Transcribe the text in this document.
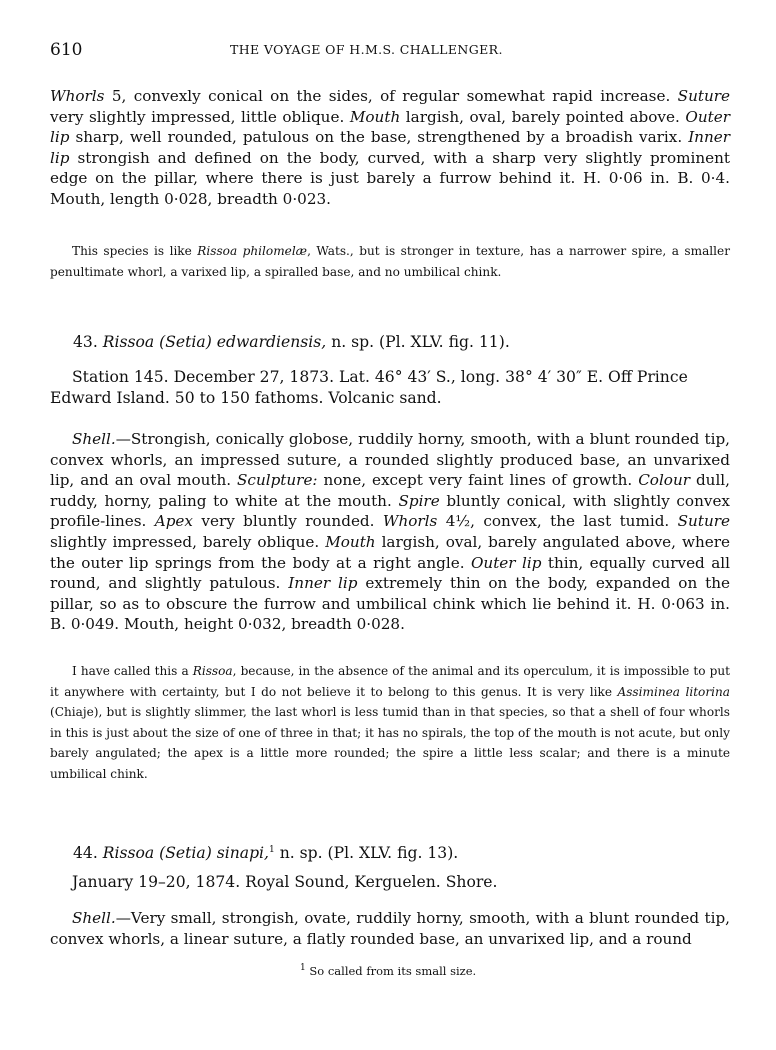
610	THE VOYAGE OF H.M.S. CHALLENGER.

Whorls 5, convexly conical on the sides, of regular somewhat rapid increase. Suture very slightly impressed, little oblique. Mouth largish, oval, barely pointed above. Outer lip sharp, well rounded, patulous on the base, strengthened by a broadish varix. Inner lip strongish and defined on the body, curved, with a sharp very slightly prominent edge on the pillar, where there is just barely a furrow behind it. H. 0·06 in. B. 0·4. Mouth, length 0·028, breadth 0·023.

This species is like Rissoa philomelæ, Wats., but is stronger in texture, has a narrower spire, a smaller penultimate whorl, a varixed lip, a spiralled base, and no umbilical chink.

43. Rissoa (Setia) edwardiensis, n. sp. (Pl. XLV. fig. 11).

Station 145. December 27, 1873. Lat. 46° 43′ S., long. 38° 4′ 30″ E. Off Prince Edward Island. 50 to 150 fathoms. Volcanic sand.

Shell.—Strongish, conically globose, ruddily horny, smooth, with a blunt rounded tip, convex whorls, an impressed suture, a rounded slightly produced base, an unvarixed lip, and an oval mouth. Sculpture: none, except very faint lines of growth. Colour dull, ruddy, horny, paling to white at the mouth. Spire bluntly conical, with slightly convex profile-lines. Apex very bluntly rounded. Whorls 4½, convex, the last tumid. Suture slightly impressed, barely oblique. Mouth largish, oval, barely angulated above, where the outer lip springs from the body at a right angle. Outer lip thin, equally curved all round, and slightly patulous. Inner lip extremely thin on the body, expanded on the pillar, so as to obscure the furrow and umbilical chink which lie behind it. H. 0·063 in. B. 0·049. Mouth, height 0·032, breadth 0·028.

I have called this a Rissoa, because, in the absence of the animal and its operculum, it is impossible to put it anywhere with certainty, but I do not believe it to belong to this genus. It is very like Assiminea litorina (Chiaje), but is slightly slimmer, the last whorl is less tumid than in that species, so that a shell of four whorls in this is just about the size of one of three in that; it has no spirals, the top of the mouth is not acute, but only barely angulated; the apex is a little more rounded; the spire a little less scalar; and there is a minute umbilical chink.

44. Rissoa (Setia) sinapi,$^1$ n. sp. (Pl. XLV. fig. 13).

January 19–20, 1874. Royal Sound, Kerguelen. Shore.

Shell.—Very small, strongish, ovate, ruddily horny, smooth, with a blunt rounded tip, convex whorls, a linear suture, a flatly rounded base, an unvarixed lip, and a round

$^1$ So called from its small size.
